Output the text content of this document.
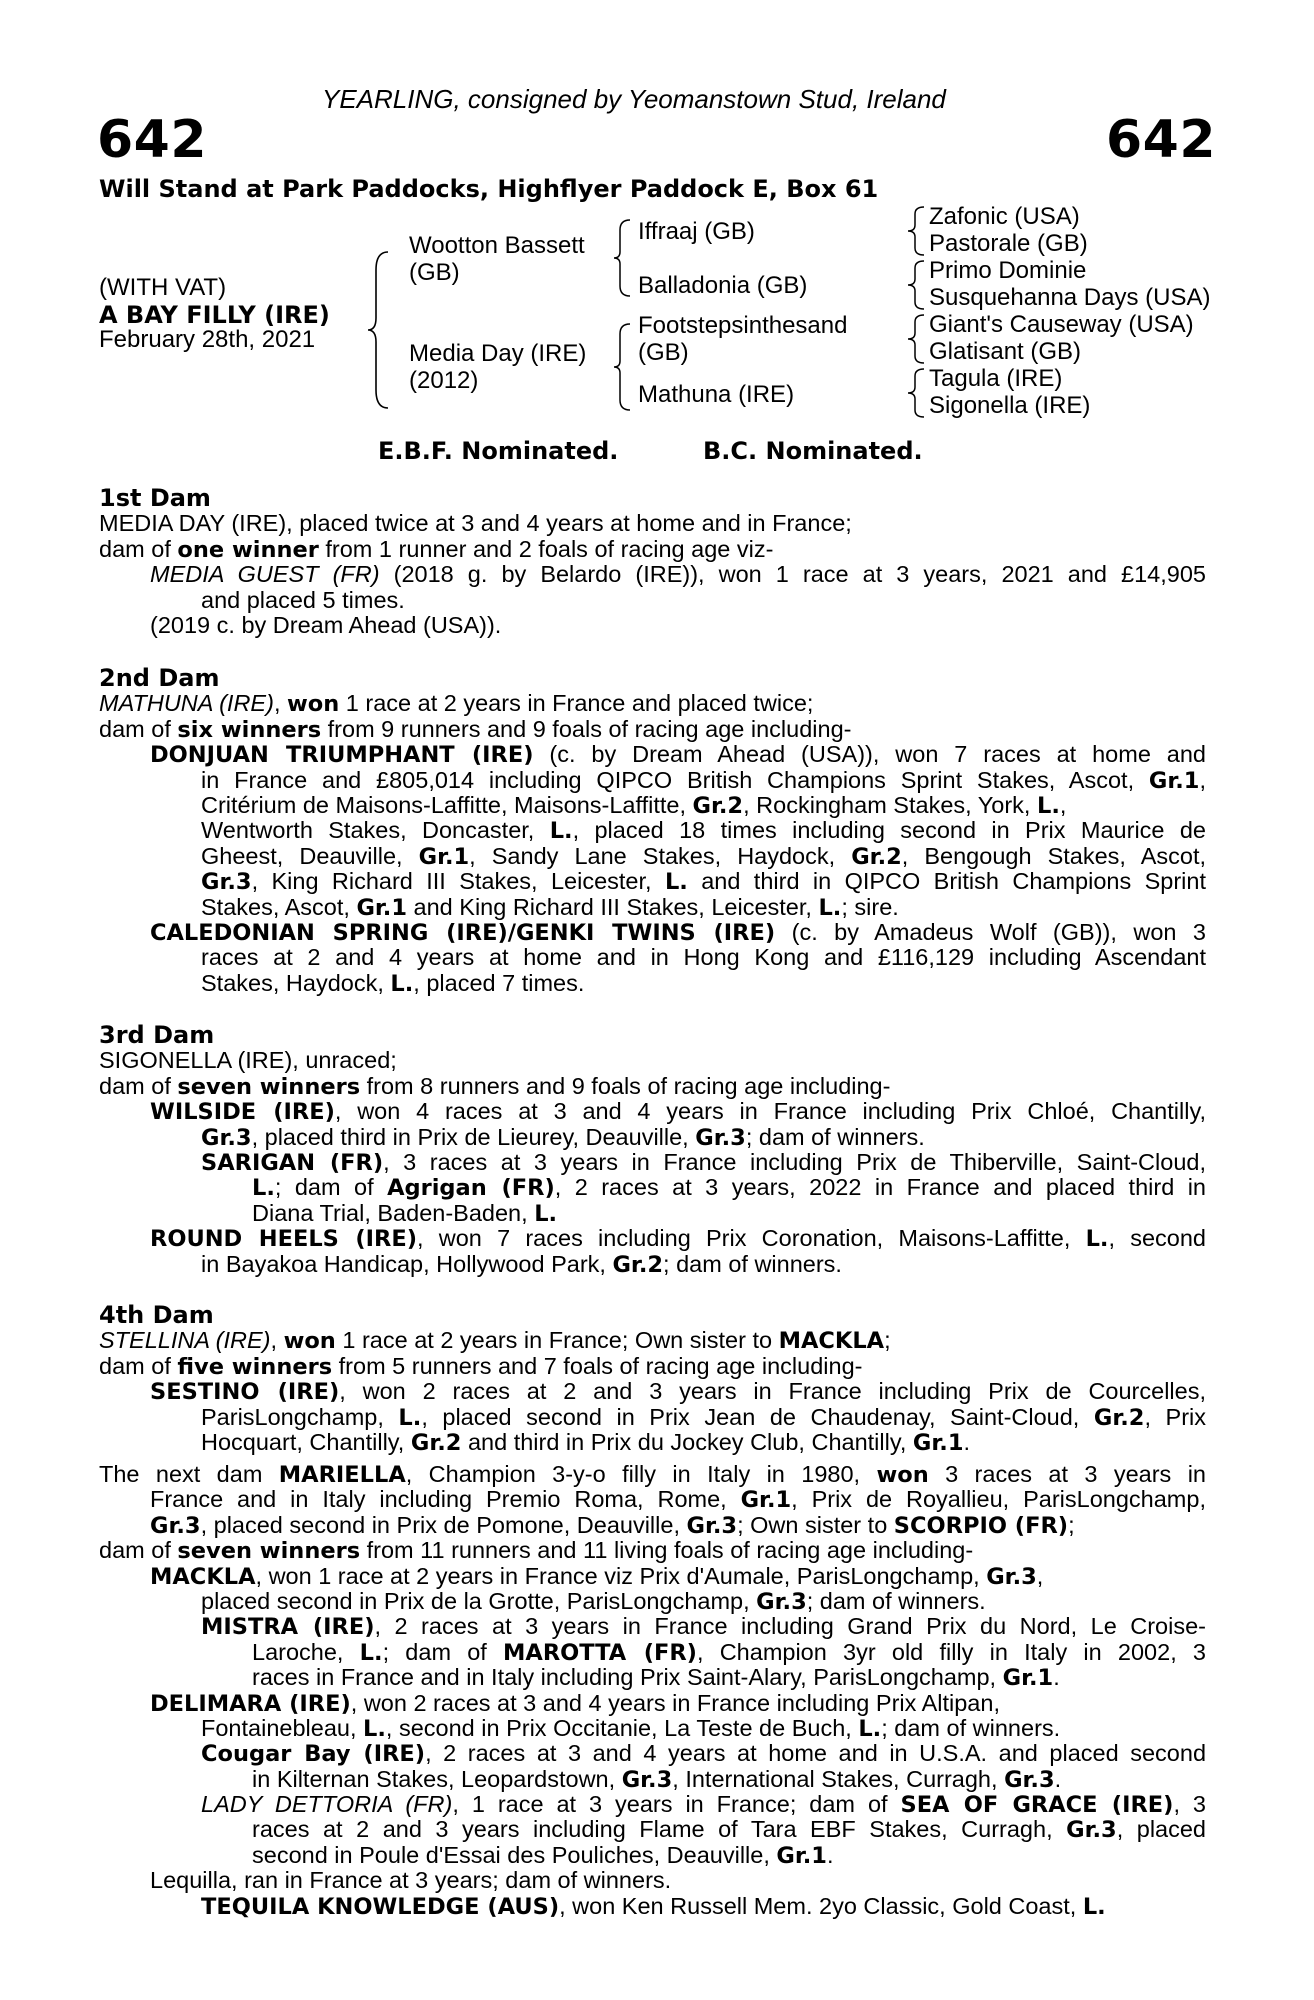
YEARLING, consigned by Yeomanstown Stud, Ireland
642	642
Will Stand at Park Paddocks, Highflyer Paddock E, Box 61
(WITH VAT)
A BAY FILLY (IRE)
February 28th, 2021
Wootton Bassett
(GB)
Media Day (IRE)
(2012)
Iffraaj (GB)
Balladonia (GB)
Footstepsinthesand
(GB)
Mathuna (IRE)
Zafonic (USA)
Pastorale (GB)
Primo Dominie
Susquehanna Days (USA)
Giant's Causeway (USA)
Glatisant (GB)
Tagula (IRE)
Sigonella (IRE)
E.B.F. Nominated.	B.C. Nominated.
1st Dam
MEDIA DAY (IRE), placed twice at 3 and 4 years at home and in France;
dam of one winner from 1 runner and 2 foals of racing age viz-
MEDIA GUEST (FR) (2018 g. by Belardo (IRE)), won 1 race at 3 years, 2021 and £14,905
and placed 5 times.
(2019 c. by Dream Ahead (USA)).
2nd Dam
MATHUNA (IRE), won 1 race at 2 years in France and placed twice;
dam of six winners from 9 runners and 9 foals of racing age including-
DONJUAN TRIUMPHANT (IRE) (c. by Dream Ahead (USA)), won 7 races at home and
in France and £805,014 including QIPCO British Champions Sprint Stakes, Ascot, Gr.1,
Critérium de Maisons-Laffitte, Maisons-Laffitte, Gr.2, Rockingham Stakes, York, L.,
Wentworth Stakes, Doncaster, L., placed 18 times including second in Prix Maurice de
Gheest, Deauville, Gr.1, Sandy Lane Stakes, Haydock, Gr.2, Bengough Stakes, Ascot,
Gr.3, King Richard III Stakes, Leicester, L. and third in QIPCO British Champions Sprint
Stakes, Ascot, Gr.1 and King Richard III Stakes, Leicester, L.; sire.
CALEDONIAN SPRING (IRE)/GENKI TWINS (IRE) (c. by Amadeus Wolf (GB)), won 3
races at 2 and 4 years at home and in Hong Kong and £116,129 including Ascendant
Stakes, Haydock, L., placed 7 times.
3rd Dam
SIGONELLA (IRE), unraced;
dam of seven winners from 8 runners and 9 foals of racing age including-
WILSIDE (IRE), won 4 races at 3 and 4 years in France including Prix Chloé, Chantilly,
Gr.3, placed third in Prix de Lieurey, Deauville, Gr.3; dam of winners.
SARIGAN (FR), 3 races at 3 years in France including Prix de Thiberville, Saint-Cloud,
L.; dam of Agrigan (FR), 2 races at 3 years, 2022 in France and placed third in
Diana Trial, Baden-Baden, L.
ROUND HEELS (IRE), won 7 races including Prix Coronation, Maisons-Laffitte, L., second
in Bayakoa Handicap, Hollywood Park, Gr.2; dam of winners.
4th Dam
STELLINA (IRE), won 1 race at 2 years in France; Own sister to MACKLA;
dam of five winners from 5 runners and 7 foals of racing age including-
SESTINO (IRE), won 2 races at 2 and 3 years in France including Prix de Courcelles,
ParisLongchamp, L., placed second in Prix Jean de Chaudenay, Saint-Cloud, Gr.2, Prix
Hocquart, Chantilly, Gr.2 and third in Prix du Jockey Club, Chantilly, Gr.1.
The next dam MARIELLA, Champion 3-y-o filly in Italy in 1980, won 3 races at 3 years in
France and in Italy including Premio Roma, Rome, Gr.1, Prix de Royallieu, ParisLongchamp,
Gr.3, placed second in Prix de Pomone, Deauville, Gr.3; Own sister to SCORPIO (FR);
dam of seven winners from 11 runners and 11 living foals of racing age including-
MACKLA, won 1 race at 2 years in France viz Prix d'Aumale, ParisLongchamp, Gr.3,
placed second in Prix de la Grotte, ParisLongchamp, Gr.3; dam of winners.
MISTRA (IRE), 2 races at 3 years in France including Grand Prix du Nord, Le Croise-
Laroche, L.; dam of MAROTTA (FR), Champion 3yr old filly in Italy in 2002, 3
races in France and in Italy including Prix Saint-Alary, ParisLongchamp, Gr.1.
DELIMARA (IRE), won 2 races at 3 and 4 years in France including Prix Altipan,
Fontainebleau, L., second in Prix Occitanie, La Teste de Buch, L.; dam of winners.
Cougar Bay (IRE), 2 races at 3 and 4 years at home and in U.S.A. and placed second
in Kilternan Stakes, Leopardstown, Gr.3, International Stakes, Curragh, Gr.3.
LADY DETTORIA (FR), 1 race at 3 years in France; dam of SEA OF GRACE (IRE), 3
races at 2 and 3 years including Flame of Tara EBF Stakes, Curragh, Gr.3, placed
second in Poule d'Essai des Pouliches, Deauville, Gr.1.
Lequilla, ran in France at 3 years; dam of winners.
TEQUILA KNOWLEDGE (AUS), won Ken Russell Mem. 2yo Classic, Gold Coast, L.
